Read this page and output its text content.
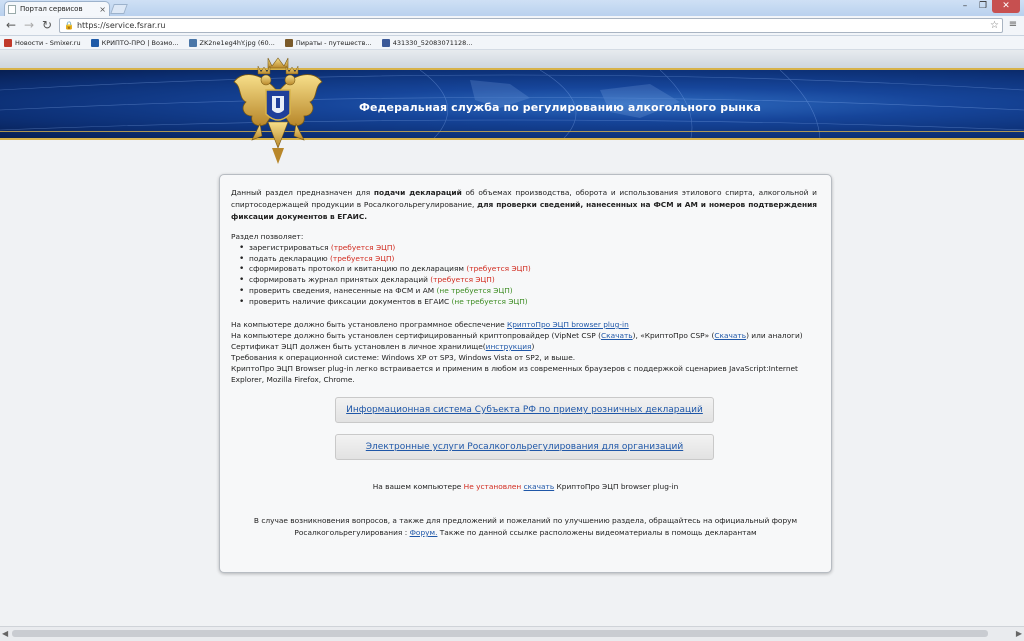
Портал сервисов	×	–	❐	✕
← → ↻	🔒 https://service.fsrar.ru	☆ ≡
Новости - Smixer.ru	КРИПТО-ПРО | Возмо...	ZK2ne1eg4hY.jpg (60...	Пираты - путешеств...	431330_52083071128...
Федеральная служба по регулированию алкогольного рынка
Данный раздел предназначен для подачи деклараций об объемах производства, оборота и использования этилового спирта, алкогольной и спиртосодержащей продукции в Росалкогольрегулирование, для проверки сведений, нанесенных на ФСМ и АМ и номеров подтверждения фиксации документов в ЕГАИС.
Раздел позволяет:
• зарегистрироваться (требуется ЭЦП)
• подать декларацию (требуется ЭЦП)
• сформировать протокол и квитанцию по декларациям (требуется ЭЦП)
• сформировать журнал принятых деклараций (требуется ЭЦП)
• проверить сведения, нанесенные на ФСМ и АМ (не требуется ЭЦП)
• проверить наличие фиксации документов в ЕГАИС (не требуется ЭЦП)
На компьютере должно быть установлено программное обеспечение КриптоПро ЭЦП browser plug-in
На компьютере должно быть установлен сертифицированный криптопровайдер (VipNet CSP (Скачать), «КриптоПро CSP» (Скачать) или аналоги)
Сертификат ЭЦП должен быть установлен в личное хранилище(инструкция)
Требования к операционной системе: Windows XP от SP3, Windows Vista от SP2, и выше.
КриптоПро ЭЦП Browser plug-in легко встраивается и применим в любом из современных браузеров с поддержкой сценариев JavaScript:Internet Explorer, Mozilla Firefox, Chrome.
Информационная система Субъекта РФ по приему розничных деклараций
Электронные услуги Росалкогольрегулирования для организаций
На вашем компьютере Не установлен скачать КриптоПро ЭЦП browser plug-in
В случае возникновения вопросов, а также для предложений и пожеланий по улучшению раздела, обращайтесь на официальный форум Росалкогольрегулирования : Форум. Также по данной ссылке расположены видеоматериалы в помощь декларантам
◀	▶
